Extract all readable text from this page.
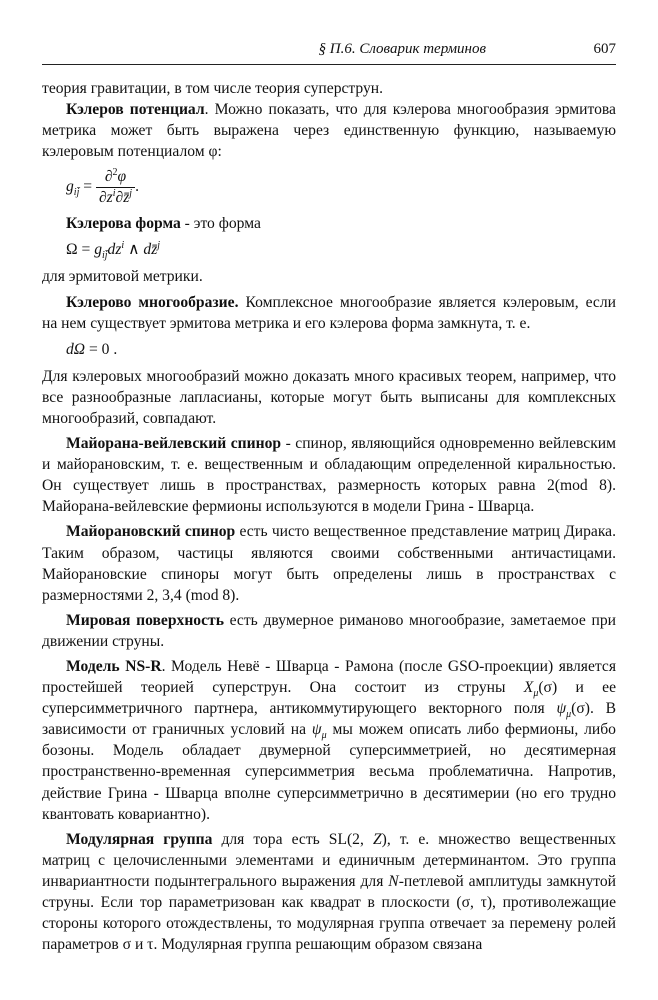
§ П.6. Словарик терминов	607

теория гравитации, в том числе теория суперструн.

Кэлеров потенциал. Можно показать, что для кэлерова многообразия эрмитова метрика может быть выражена через единственную функцию, называемую кэлеровым потенциалом φ:

$g_{ij̄} = \frac{\partial^2\varphi}{\partial z^i\partial z̄^j}$ .

Кэлерова форма - это форма

$\Omega = g_{ij̄}dz^i$ ∧ dz̄$^j$

для эрмитовой метрики.

Кэлерово многообразие. Комплексное многообразие является кэлеровым, если на нем существует эрмитова метрика и его кэлерова форма замкнута, т. е.

dΩ = 0 .

Для кэлеровых многообразий можно доказать много красивых теорем, например, что все разнообразные лапласианы, которые могут быть выписаны для комплексных многообразий, совпадают.

Майорана-вейлевский спинор - спинор, являющийся одновременно вейлевским и майорановским, т. е. вещественным и обладающим определенной киральностью. Он существует лишь в пространствах, размерность которых равна 2(mod 8). Майорана-вейлевские фермионы используются в модели Грина - Шварца.

Майорановский спинор есть чисто вещественное представление матриц Дирака. Таким образом, частицы являются своими собственными античастицами. Майорановские спиноры могут быть определены лишь в пространствах с размерностями 2, 3,4 (mod 8).

Мировая поверхность есть двумерное риманово многообразие, заметаемое при движении струны.

Модель NS-R. Модель Невё - Шварца - Рамона (после GSO-проекции) является простейшей теорией суперструн. Она состоит из струны $X_\mu(\sigma)$ и ее суперсимметричного партнера, антикоммутирующего векторного поля $\psi_\mu(\sigma)$. В зависимости от граничных условий на $\psi_\mu$ мы можем описать либо фермионы, либо бозоны. Модель обладает двумерной суперсимметрией, но десятимерная пространственно-временная суперсимметрия весьма проблематична. Напротив, действие Грина - Шварца вполне суперсимметрично в десятимерии (но его трудно квантовать ковариантно).

Модулярная группа для тора есть SL(2, Z), т. е. множество вещественных матриц с целочисленными элементами и единичным детерминантом. Это группа инвариантности подынтегрального выражения для N-петлевой амплитуды замкнутой струны. Если тор параметризован как квадрат в плоскости (σ, τ), противолежащие стороны которого отождествлены, то модулярная группа отвечает за перемену ролей параметров σ и τ. Модулярная группа решающим образом связана
